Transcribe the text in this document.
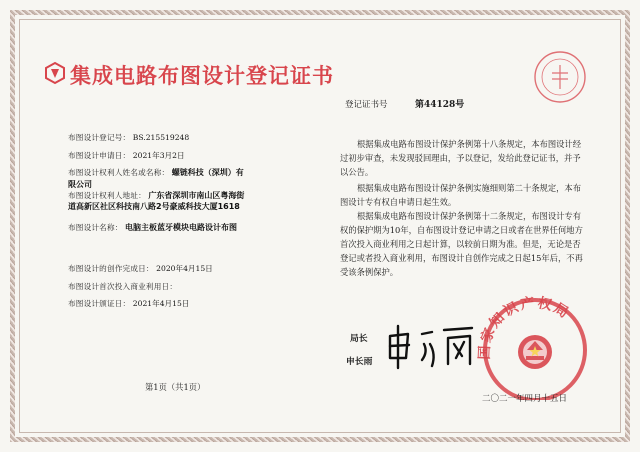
集成电路布图设计登记证书
登记证书号	第44128号
布图设计登记号： BS.215519248
布图设计申请日： 2021年3月2日
布图设计权利人姓名或名称： 螺链科技（深圳）有
限公司
布图设计权利人地址： 广东省深圳市南山区粤海街
道高新区社区科技南八路2号豪威科技大厦1618
布图设计名称： 电脑主板蓝牙模块电路设计布图
布图设计的创作完成日： 2020年4月15日
布图设计首次投入商业利用日：
布图设计颁证日： 2021年4月15日
根据集成电路布图设计保护条例第十八条规定，本布图设计经过初步审查，未发现驳回理由，予以登记，发给此登记证书，并予以公告。
根据集成电路布图设计保护条例实施细则第二十条规定，本布图设计专有权自申请日起生效。
根据集成电路布图设计保护条例第十二条规定，布图设计专有权的保护期为10年，自布图设计登记申请之日或者在世界任何地方首次投入商业利用之日起计算，以较前日期为准。但是，无论是否登记或者投入商业利用，布图设计自创作完成之日起15年后，不再受该条例保护。
局长
申长雨
国家知识产权局
二〇二一年四月十五日
第1页（共1页）
